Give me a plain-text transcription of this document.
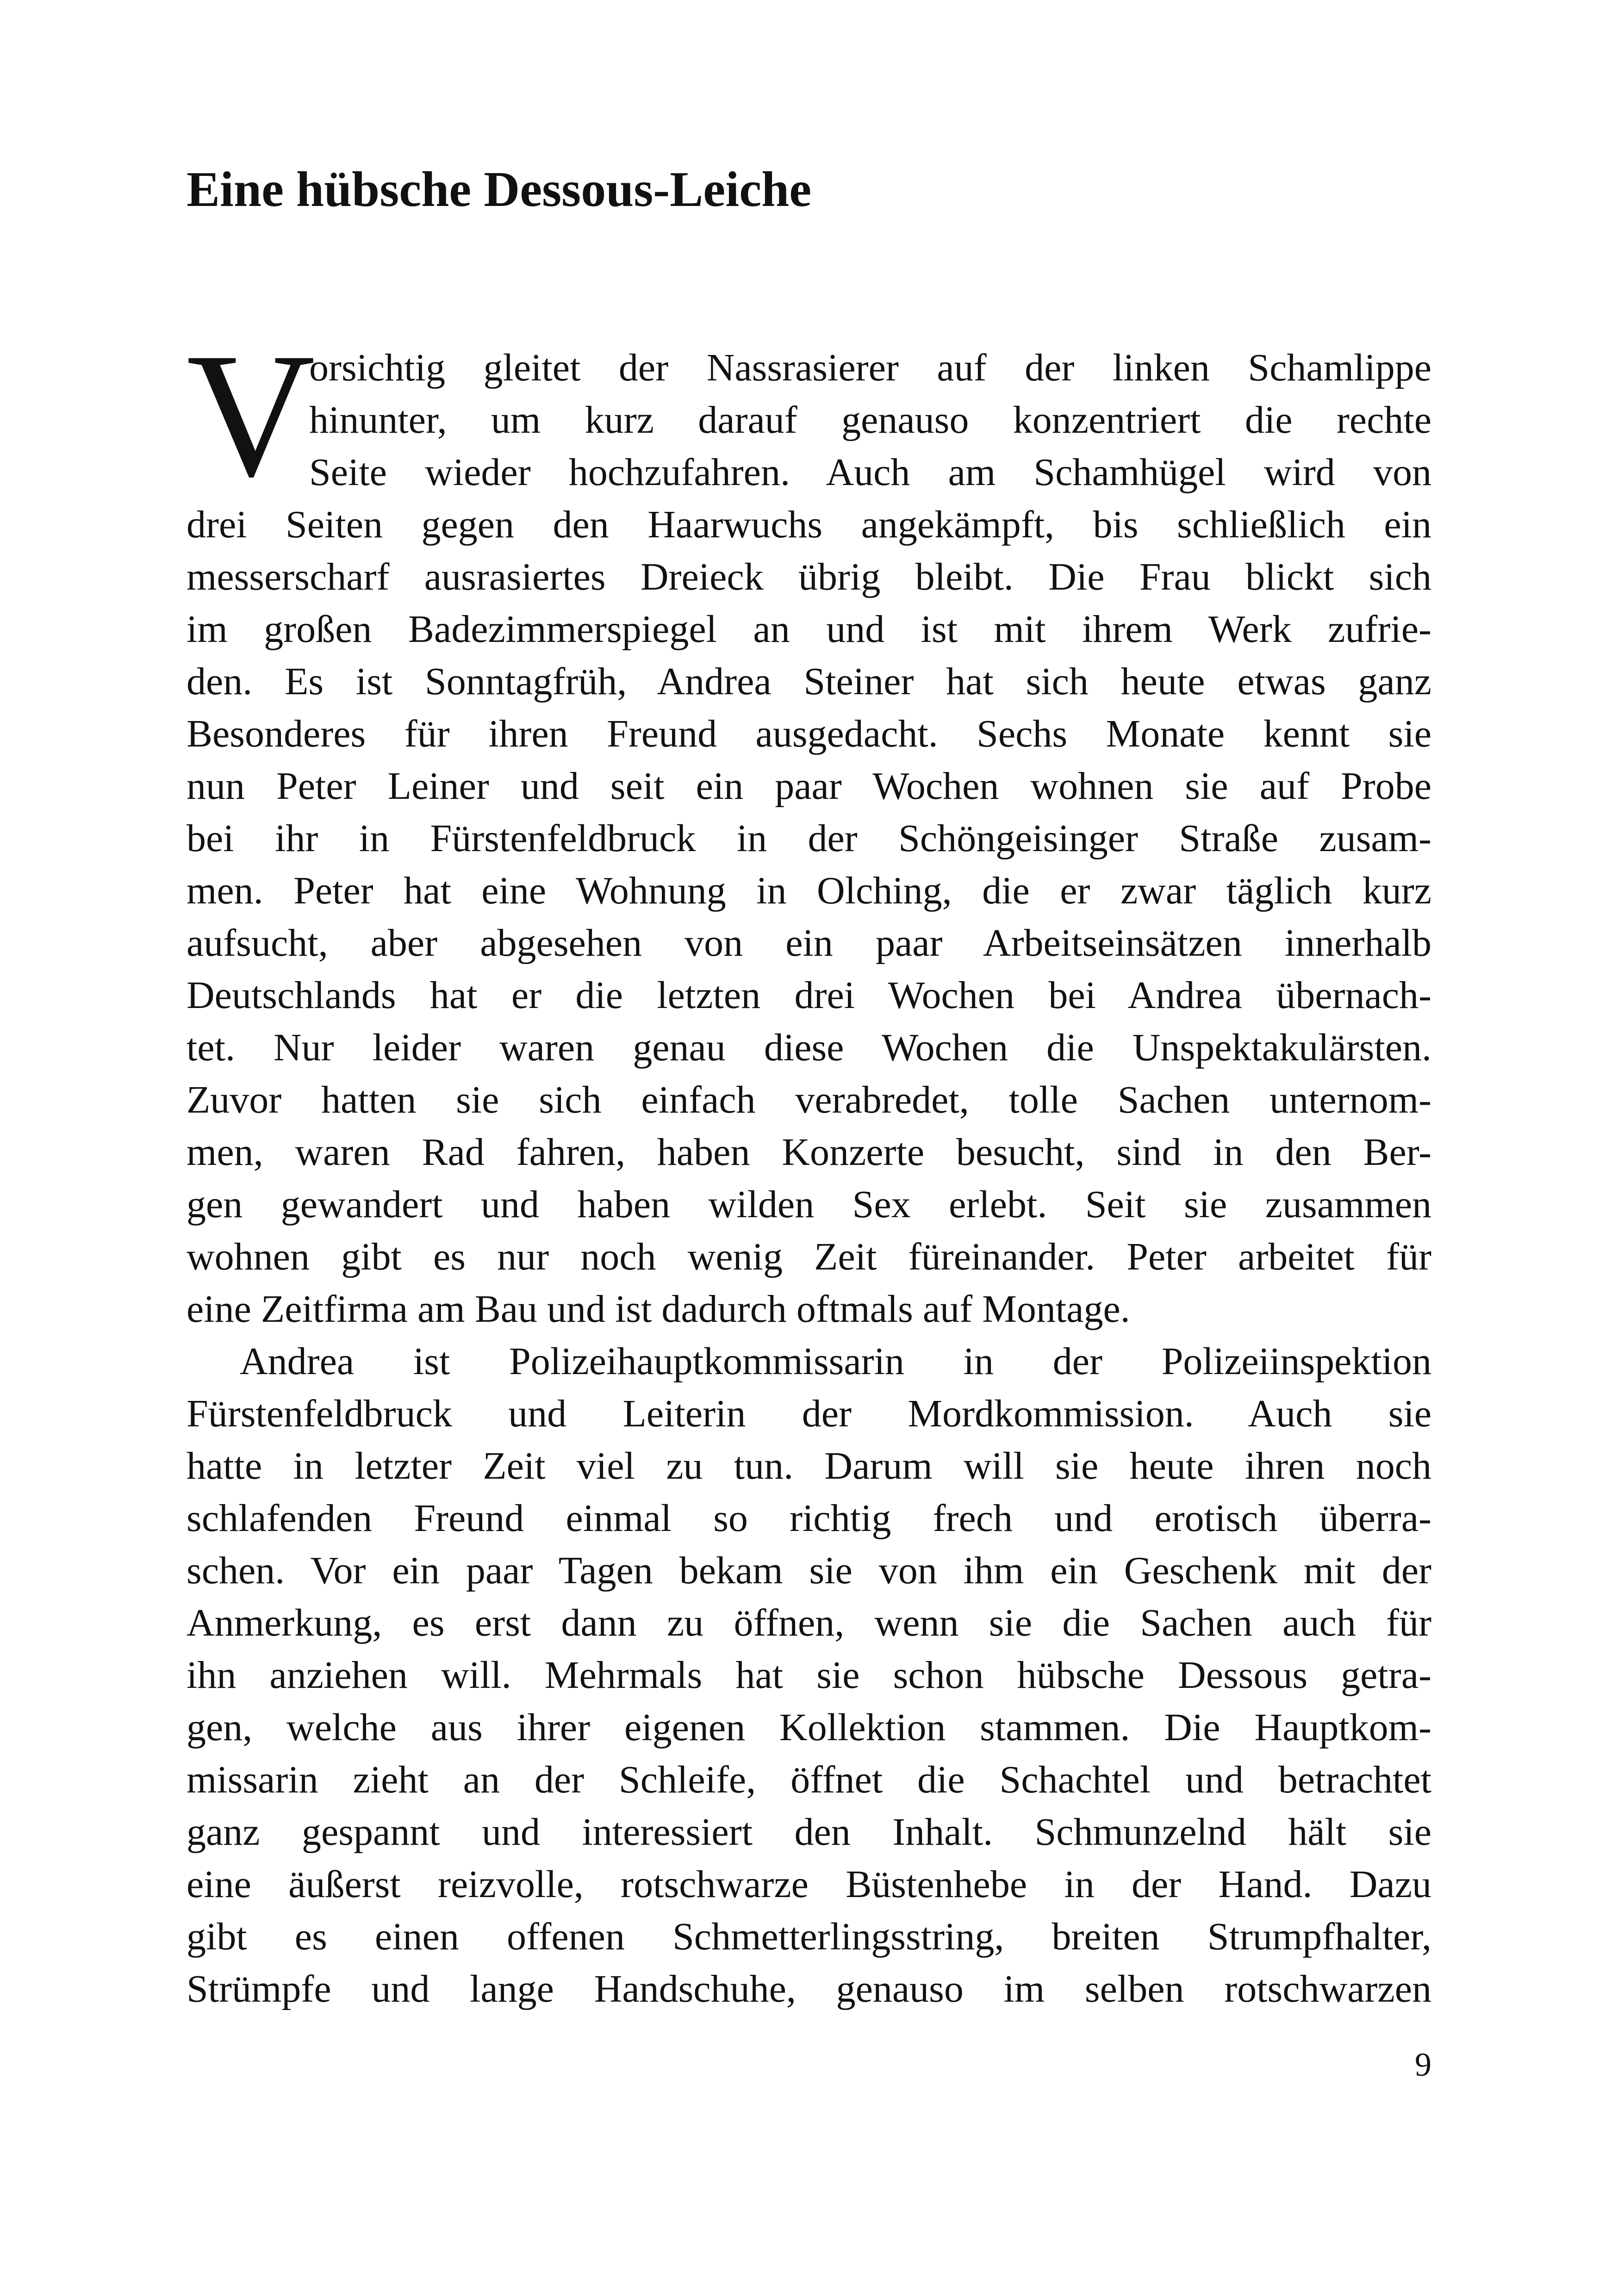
Eine hübsche Dessous-Leiche
V
orsichtig gleitet der Nassrasierer auf der linken Schamlippe
hinunter, um kurz darauf genauso konzentriert die rechte
Seite wieder hochzufahren. Auch am Schamhügel wird von
drei Seiten gegen den Haarwuchs angekämpft, bis schließlich ein
messerscharf ausrasiertes Dreieck übrig bleibt. Die Frau blickt sich
im großen Badezimmerspiegel an und ist mit ihrem Werk zufrie-
den. Es ist Sonntagfrüh, Andrea Steiner hat sich heute etwas ganz
Besonderes für ihren Freund ausgedacht. Sechs Monate kennt sie
nun Peter Leiner und seit ein paar Wochen wohnen sie auf Probe
bei ihr in Fürstenfeldbruck in der Schöngeisinger Straße zusam-
men. Peter hat eine Wohnung in Olching, die er zwar täglich kurz
aufsucht, aber abgesehen von ein paar Arbeitseinsätzen innerhalb
Deutschlands hat er die letzten drei Wochen bei Andrea übernach-
tet. Nur leider waren genau diese Wochen die Unspektakulärsten.
Zuvor hatten sie sich einfach verabredet, tolle Sachen unternom-
men, waren Rad fahren, haben Konzerte besucht, sind in den Ber-
gen gewandert und haben wilden Sex erlebt. Seit sie zusammen
wohnen gibt es nur noch wenig Zeit füreinander. Peter arbeitet für
eine Zeitfirma am Bau und ist dadurch oftmals auf Montage.
Andrea ist Polizeihauptkommissarin in der Polizeiinspektion
Fürstenfeldbruck und Leiterin der Mordkommission. Auch sie
hatte in letzter Zeit viel zu tun. Darum will sie heute ihren noch
schlafenden Freund einmal so richtig frech und erotisch überra-
schen. Vor ein paar Tagen bekam sie von ihm ein Geschenk mit der
Anmerkung, es erst dann zu öffnen, wenn sie die Sachen auch für
ihn anziehen will. Mehrmals hat sie schon hübsche Dessous getra-
gen, welche aus ihrer eigenen Kollektion stammen. Die Hauptkom-
missarin zieht an der Schleife, öffnet die Schachtel und betrachtet
ganz gespannt und interessiert den Inhalt. Schmunzelnd hält sie
eine äußerst reizvolle, rotschwarze Büstenhebe in der Hand. Dazu
gibt es einen offenen Schmetterlingsstring, breiten Strumpfhalter,
Strümpfe und lange Handschuhe, genauso im selben rotschwarzen
9
